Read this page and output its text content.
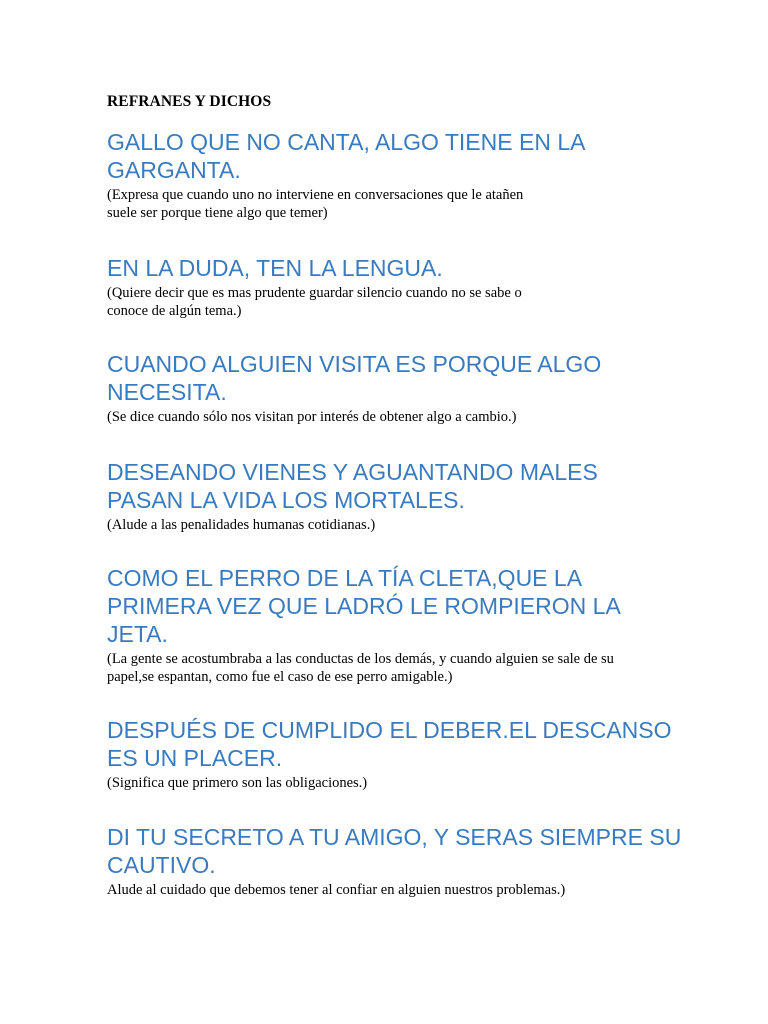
REFRANES Y DICHOS

GALLO QUE NO CANTA, ALGO TIENE EN LA
GARGANTA.

(Expresa que cuando uno no interviene en conversaciones que le atañen
suele ser porque tiene algo que temer)

EN LA DUDA, TEN LA LENGUA.

(Quiere decir que es mas prudente guardar silencio cuando no se sabe o
conoce de algún tema.)

CUANDO ALGUIEN VISITA ES PORQUE ALGO
NECESITA.

(Se dice cuando sólo nos visitan por interés de obtener algo a cambio.)

DESEANDO VIENES Y AGUANTANDO MALES
PASAN LA VIDA LOS MORTALES.

(Alude a las penalidades humanas cotidianas.)

COMO EL PERRO DE LA TÍA CLETA,QUE LA
PRIMERA VEZ QUE LADRÓ LE ROMPIERON LA
JETA.

(La gente se acostumbraba a las conductas de los demás, y cuando alguien se sale de su
papel,se espantan, como fue el caso de ese perro amigable.)

DESPUÉS DE CUMPLIDO EL DEBER.EL DESCANSO
ES UN PLACER.

(Significa que primero son las obligaciones.)

DI TU SECRETO A TU AMIGO, Y SERAS SIEMPRE SU
CAUTIVO.

Alude al cuidado que debemos tener al confiar en alguien nuestros problemas.)
